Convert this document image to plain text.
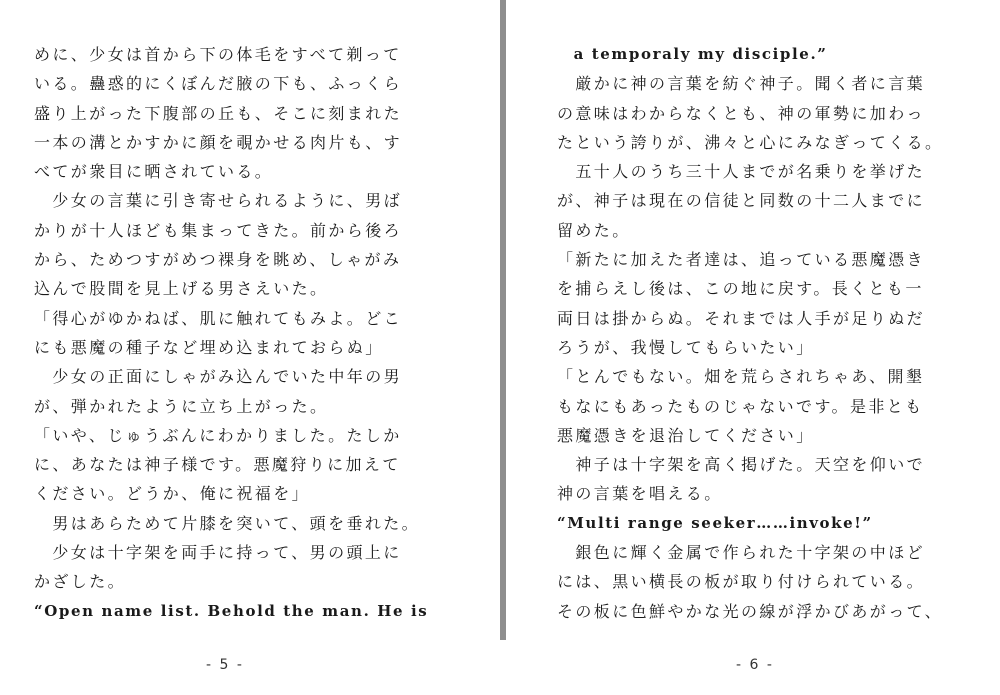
めに、少女は首から下の体毛をすべて剃って
いる。蠱惑的にくぼんだ腋の下も、ふっくら
盛り上がった下腹部の丘も、そこに刻まれた
一本の溝とかすかに顔を覗かせる肉片も、す
べてが衆目に晒されている。
　少女の言葉に引き寄せられるように、男ば
かりが十人ほども集まってきた。前から後ろ
から、ためつすがめつ裸身を眺め、しゃがみ
込んで股間を見上げる男さえいた。
「得心がゆかねば、肌に触れてもみよ。どこ
にも悪魔の種子など埋め込まれておらぬ」
　少女の正面にしゃがみ込んでいた中年の男
が、弾かれたように立ち上がった。
「いや、じゅうぶんにわかりました。たしか
に、あなたは神子様です。悪魔狩りに加えて
ください。どうか、俺に祝福を」
　男はあらためて片膝を突いて、頭を垂れた。
　少女は十字架を両手に持って、男の頭上に
かざした。
“Open name list. Behold the man. He is
- 5 -
　a temporaly my disciple.”
　厳かに神の言葉を紡ぐ神子。聞く者に言葉
の意味はわからなくとも、神の軍勢に加わっ
たという誇りが、沸々と心にみなぎってくる。
　五十人のうち三十人までが名乗りを挙げた
が、神子は現在の信徒と同数の十二人までに
留めた。
「新たに加えた者達は、追っている悪魔憑き
を捕らえし後は、この地に戻す。長くとも一
両日は掛からぬ。それまでは人手が足りぬだ
ろうが、我慢してもらいたい」
「とんでもない。畑を荒らされちゃあ、開墾
もなにもあったものじゃないです。是非とも
悪魔憑きを退治してください」
　神子は十字架を高く掲げた。天空を仰いで
神の言葉を唱える。
“Multi range seeker……invoke!”
　銀色に輝く金属で作られた十字架の中ほど
には、黒い横長の板が取り付けられている。
その板に色鮮やかな光の線が浮かびあがって、
- 6 -
